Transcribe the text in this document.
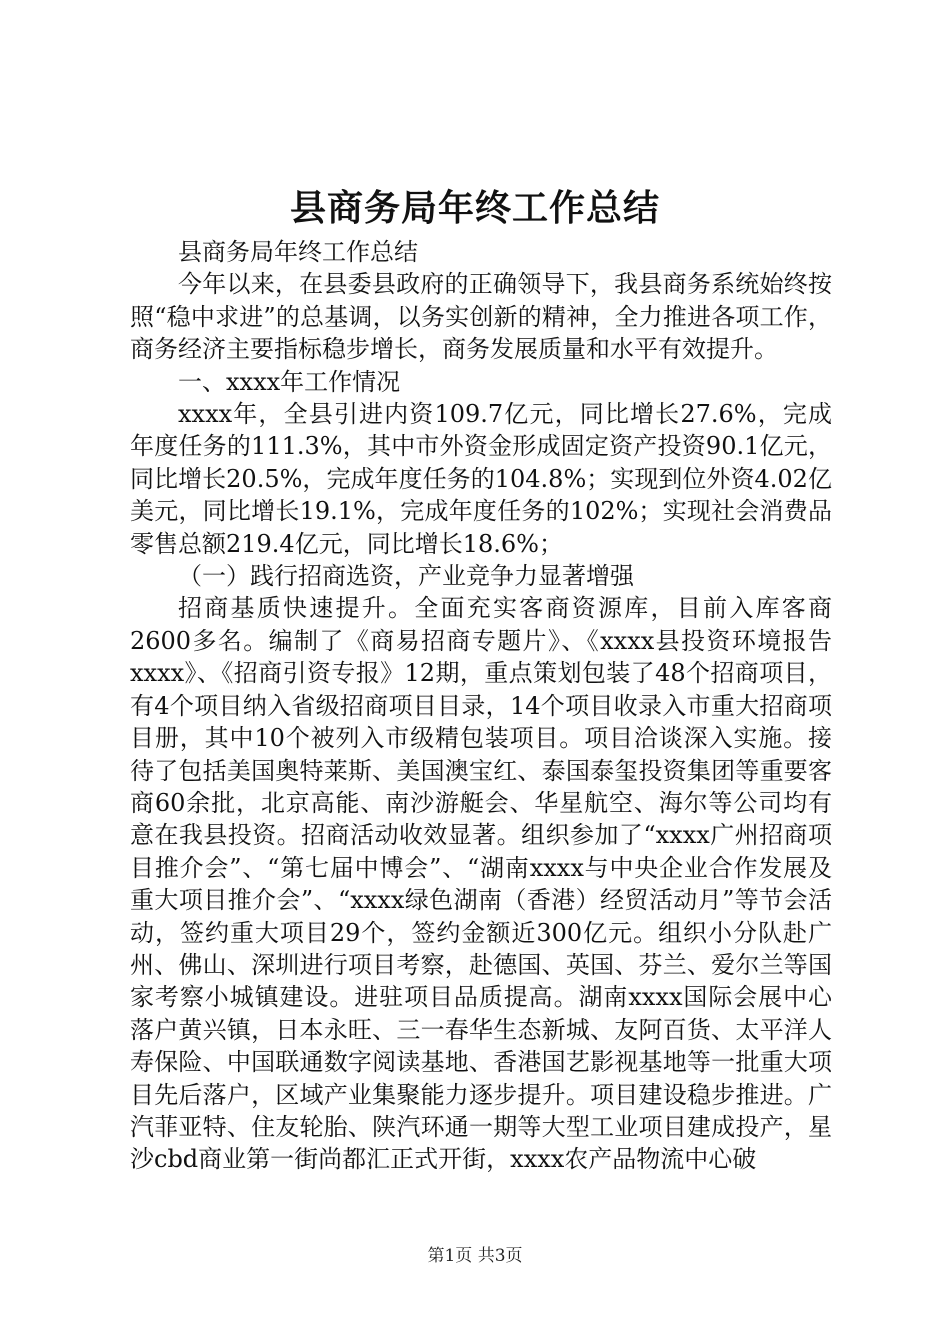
县商务局年终工作总结

县商务局年终工作总结

今年以来，在县委县政府的正确领导下，我县商务系统始终按照“稳中求进”的总基调，以务实创新的精神，全力推进各项工作，商务经济主要指标稳步增长，商务发展质量和水平有效提升。

一、xxxx年工作情况

xxxx年，全县引进内资109.7亿元，同比增长27.6%，完成年度任务的111.3%，其中市外资金形成固定资产投资90.1亿元，同比增长20.5%，完成年度任务的104.8%；实现到位外资4.02亿美元，同比增长19.1%，完成年度任务的102%；实现社会消费品零售总额219.4亿元，同比增长18.6%；

（一）践行招商选资，产业竞争力显著增强

招商基质快速提升。全面充实客商资源库，目前入库客商2600多名。编制了《商易招商专题片》、《xxxx县投资环境报告xxxx》、《招商引资专报》12期，重点策划包装了48个招商项目，有4个项目纳入省级招商项目目录，14个项目收录入市重大招商项目册，其中10个被列入市级精包装项目。项目洽谈深入实施。接待了包括美国奥特莱斯、美国澳宝红、泰国泰玺投资集团等重要客商60余批，北京高能、南沙游艇会、华星航空、海尔等公司均有意在我县投资。招商活动收效显著。组织参加了“xxxx广州招商项目推介会”、“第七届中博会”、“湖南xxxx与中央企业合作发展及重大项目推介会”、“xxxx绿色湖南（香港）经贸活动月”等节会活动，签约重大项目29个，签约金额近300亿元。组织小分队赴广州、佛山、深圳进行项目考察，赴德国、英国、芬兰、爱尔兰等国家考察小城镇建设。进驻项目品质提高。湖南xxxx国际会展中心落户黄兴镇，日本永旺、三一春华生态新城、友阿百货、太平洋人寿保险、中国联通数字阅读基地、香港国艺影视基地等一批重大项目先后落户，区域产业集聚能力逐步提升。项目建设稳步推进。广汽菲亚特、住友轮胎、陕汽环通一期等大型工业项目建成投产，星沙cbd商业第一街尚都汇正式开街，xxxx农产品物流中心破

第1页 共3页
